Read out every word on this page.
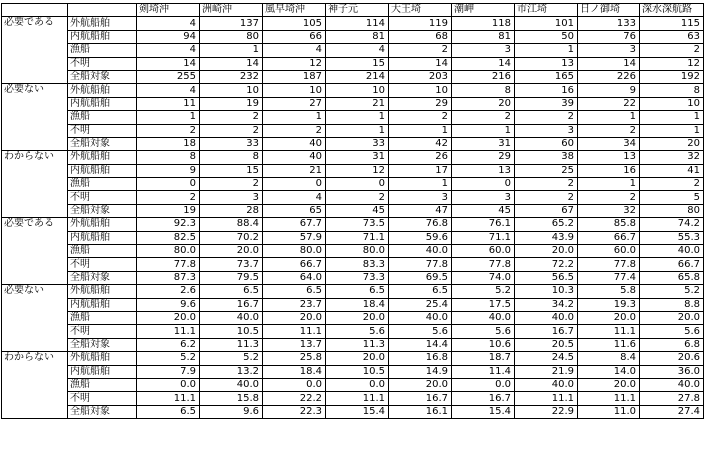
		剣埼沖	洲崎沖	風早埼沖	神子元	大王埼	潮岬	市江埼	日ノ御埼	深水深航路
必要である	外航船舶	4	137	105	114	119	118	101	133	115
	内航船舶	94	80	66	81	68	81	50	76	63
	漁船	4	1	4	4	2	3	1	3	2
	不明	14	14	12	15	14	14	13	14	12
	全船対象	255	232	187	214	203	216	165	226	192
必要ない	外航船舶	4	10	10	10	10	8	16	9	8
	内航船舶	11	19	27	21	29	20	39	22	10
	漁船	1	2	1	1	2	2	2	1	1
	不明	2	2	2	1	1	1	3	2	1
	全船対象	18	33	40	33	42	31	60	34	20
わからない	外航船舶	8	8	40	31	26	29	38	13	32
	内航船舶	9	15	21	12	17	13	25	16	41
	漁船	0	2	0	0	1	0	2	1	2
	不明	2	3	4	2	3	3	2	2	5
	全船対象	19	28	65	45	47	45	67	32	80
必要である	外航船舶	92.3	88.4	67.7	73.5	76.8	76.1	65.2	85.8	74.2
	内航船舶	82.5	70.2	57.9	71.1	59.6	71.1	43.9	66.7	55.3
	漁船	80.0	20.0	80.0	80.0	40.0	60.0	20.0	60.0	40.0
	不明	77.8	73.7	66.7	83.3	77.8	77.8	72.2	77.8	66.7
	全船対象	87.3	79.5	64.0	73.3	69.5	74.0	56.5	77.4	65.8
必要ない	外航船舶	2.6	6.5	6.5	6.5	6.5	5.2	10.3	5.8	5.2
	内航船舶	9.6	16.7	23.7	18.4	25.4	17.5	34.2	19.3	8.8
	漁船	20.0	40.0	20.0	20.0	40.0	40.0	40.0	20.0	20.0
	不明	11.1	10.5	11.1	5.6	5.6	5.6	16.7	11.1	5.6
	全船対象	6.2	11.3	13.7	11.3	14.4	10.6	20.5	11.6	6.8
わからない	外航船舶	5.2	5.2	25.8	20.0	16.8	18.7	24.5	8.4	20.6
	内航船舶	7.9	13.2	18.4	10.5	14.9	11.4	21.9	14.0	36.0
	漁船	0.0	40.0	0.0	0.0	20.0	0.0	40.0	20.0	40.0
	不明	11.1	15.8	22.2	11.1	16.7	16.7	11.1	11.1	27.8
	全船対象	6.5	9.6	22.3	15.4	16.1	15.4	22.9	11.0	27.4
